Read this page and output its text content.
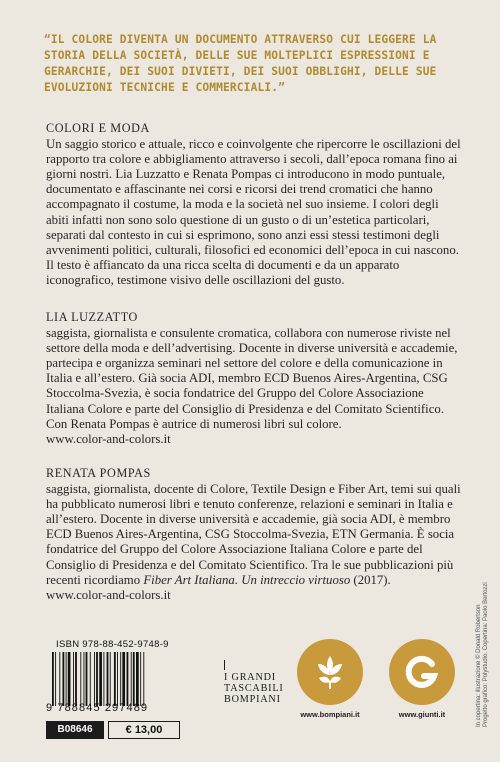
“IL COLORE DIVENTA UN DOCUMENTO ATTRAVERSO CUI LEGGERE LA STORIA DELLA SOCIETÀ, DELLE SUE MOLTEPLICI ESPRESSIONI E GERARCHIE, DEI SUOI DIVIETI, DEI SUOI OBBLIGHI, DELLE SUE EVOLUZIONI TECNICHE E COMMERCIALI.”
COLORI E MODA

Un saggio storico e attuale, ricco e coinvolgente che ripercorre le oscillazioni del rapporto tra colore e abbigliamento attraverso i secoli, dall’epoca romana fino ai giorni nostri. Lia Luzzatto e Renata Pompas ci introducono in modo puntuale, documentato e affascinante nei corsi e ricorsi dei trend cromatici che hanno accompagnato il costume, la moda e la società nel suo insieme. I colori degli abiti infatti non sono solo questione di un gusto o di un’estetica particolari, separati dal contesto in cui si esprimono, sono anzi essi stessi testimoni degli avvenimenti politici, culturali, filosofici ed economici dell’epoca in cui nascono. Il testo è affiancato da una ricca scelta di documenti e da un apparato iconografico, testimone visivo delle oscillazioni del gusto.

LIA LUZZATTO

saggista, giornalista e consulente cromatica, collabora con numerose riviste nel settore della moda e dell’advertising. Docente in diverse università e accademie, partecipa e organizza seminari nel settore del colore e della comunicazione in Italia e all’estero. Già socia ADI, membro ECD Buenos Aires-Argentina, CSG Stoccolma-Svezia, è socia fondatrice del Gruppo del Colore Associazione Italiana Colore e parte del Consiglio di Presidenza e del Comitato Scientifico. Con Renata Pompas è autrice di numerosi libri sul colore.

www.color-and-colors.it

RENATA POMPAS

saggista, giornalista, docente di Colore, Textile Design e Fiber Art, temi sui quali ha pubblicato numerosi libri e tenuto conferenze, relazioni e seminari in Italia e all’estero. Docente in diverse università e accademie, già socia ADI, è membro ECD Buenos Aires-Argentina, CSG Stoccolma-Svezia, ETN Germania. È socia fondatrice del Gruppo del Colore Associazione Italiana Colore e parte del Consiglio di Presidenza e del Comitato Scientifico. Tra le sue pubblicazioni più recenti ricordiamo Fiber Art Italiana. Un intreccio virtuoso (2017).

www.color-and-colors.it

ISBN 978-88-452-9748-9
9 788845 297489
B08646	€ 13,00
I GRANDI
TASCABILI
BOMPIANI
www.bompiani.it	www.giunti.it	In copertina: illustrazione © Donald Robertson
Progetto grafico: Polystudio. Copertina: Paolo Bertozzi
